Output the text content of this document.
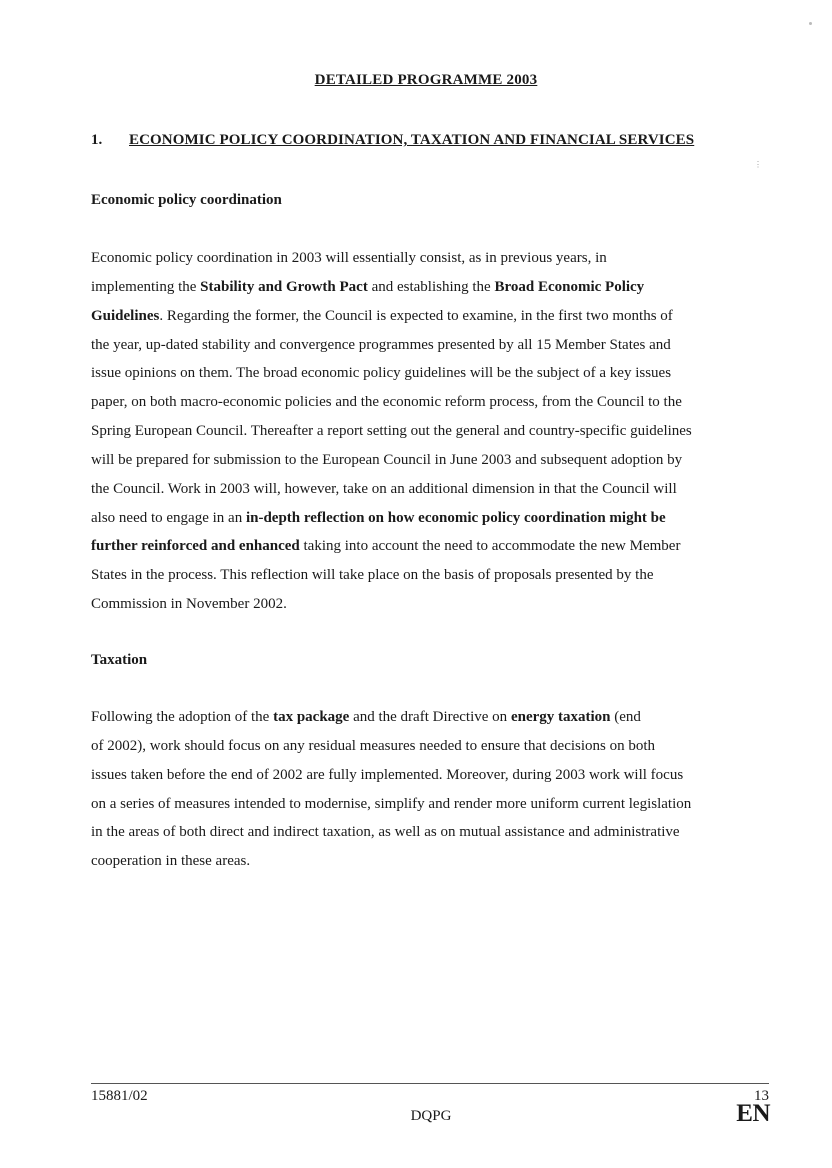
⋮
DETAILED PROGRAMME 2003
1. ECONOMIC POLICY COORDINATION, TAXATION AND FINANCIAL SERVICES
Economic policy coordination
Economic policy coordination in 2003 will essentially consist, as in previous years, in
implementing the Stability and Growth Pact and establishing the Broad Economic Policy
Guidelines. Regarding the former, the Council is expected to examine, in the first two months of
the year, up-dated stability and convergence programmes presented by all 15 Member States and
issue opinions on them. The broad economic policy guidelines will be the subject of a key issues
paper, on both macro-economic policies and the economic reform process, from the Council to the
Spring European Council. Thereafter a report setting out the general and country-specific guidelines
will be prepared for submission to the European Council in June 2003 and subsequent adoption by
the Council. Work in 2003 will, however, take on an additional dimension in that the Council will
also need to engage in an in-depth reflection on how economic policy coordination might be
further reinforced and enhanced taking into account the need to accommodate the new Member
States in the process. This reflection will take place on the basis of proposals presented by the
Commission in November 2002.
Taxation
Following the adoption of the tax package and the draft Directive on energy taxation (end
of 2002), work should focus on any residual measures needed to ensure that decisions on both
issues taken before the end of 2002 are fully implemented. Moreover, during 2003 work will focus
on a series of measures intended to modernise, simplify and render more uniform current legislation
in the areas of both direct and indirect taxation, as well as on mutual assistance and administrative
cooperation in these areas.
15881/02	13
DQPG	EN
